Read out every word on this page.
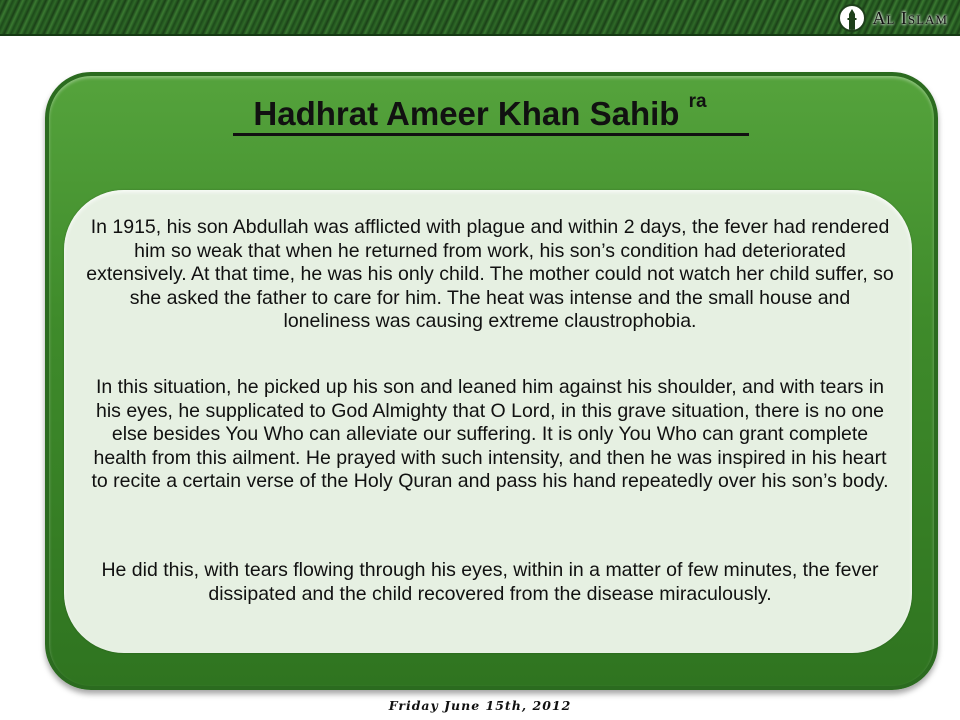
Al Islam
Hadhrat Ameer Khan Sahib $^{ra}$
In 1915, his son Abdullah was afflicted with plague and within 2 days, the fever had rendered him so weak that when he returned from work, his son’s condition had deteriorated extensively. At that time, he was his only child. The mother could not watch her child suffer, so she asked the father to care for him. The heat was intense and the small house and loneliness was causing extreme claustrophobia.
In this situation, he picked up his son and leaned him against his shoulder, and with tears in his eyes, he supplicated to God Almighty that O Lord, in this grave situation, there is no one else besides You Who can alleviate our suffering. It is only You Who can grant complete health from this ailment. He prayed with such intensity, and then he was inspired in his heart to recite a certain verse of the Holy Quran and pass his hand repeatedly over his son’s body.
He did this, with tears flowing through his eyes, within in a matter of few minutes, the fever dissipated and the child recovered from the disease miraculously.
Friday June 15th, 2012
